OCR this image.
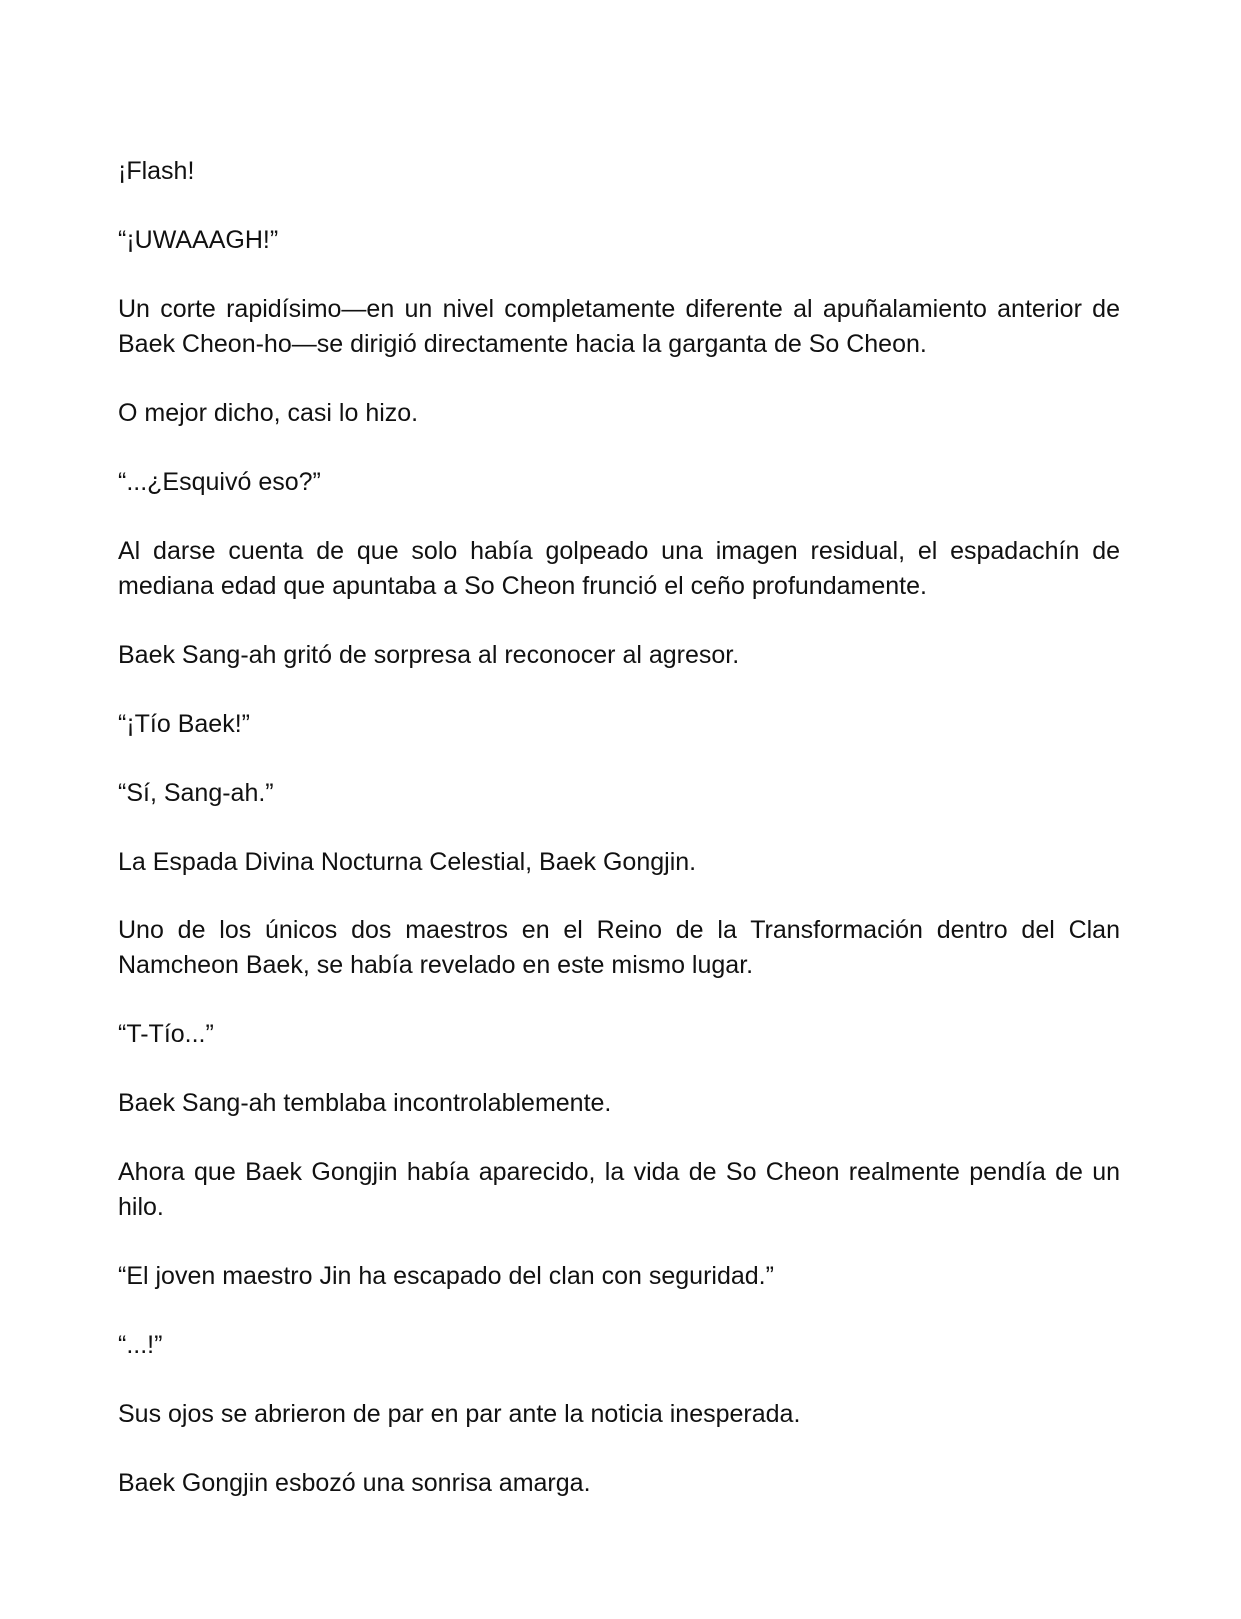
¡Flash!

“¡UWAAAGH!”

Un corte rapidísimo—en un nivel completamente diferente al apuñalamiento anterior de Baek Cheon-ho—se dirigió directamente hacia la garganta de So Cheon.

O mejor dicho, casi lo hizo.

“...¿Esquivó eso?”

Al darse cuenta de que solo había golpeado una imagen residual, el espadachín de mediana edad que apuntaba a So Cheon frunció el ceño profundamente.

Baek Sang-ah gritó de sorpresa al reconocer al agresor.

“¡Tío Baek!”

“Sí, Sang-ah.”

La Espada Divina Nocturna Celestial, Baek Gongjin.

Uno de los únicos dos maestros en el Reino de la Transformación dentro del Clan Namcheon Baek, se había revelado en este mismo lugar.

“T-Tío...”

Baek Sang-ah temblaba incontrolablemente.

Ahora que Baek Gongjin había aparecido, la vida de So Cheon realmente pendía de un hilo.

“El joven maestro Jin ha escapado del clan con seguridad.”

“...!”

Sus ojos se abrieron de par en par ante la noticia inesperada.

Baek Gongjin esbozó una sonrisa amarga.
